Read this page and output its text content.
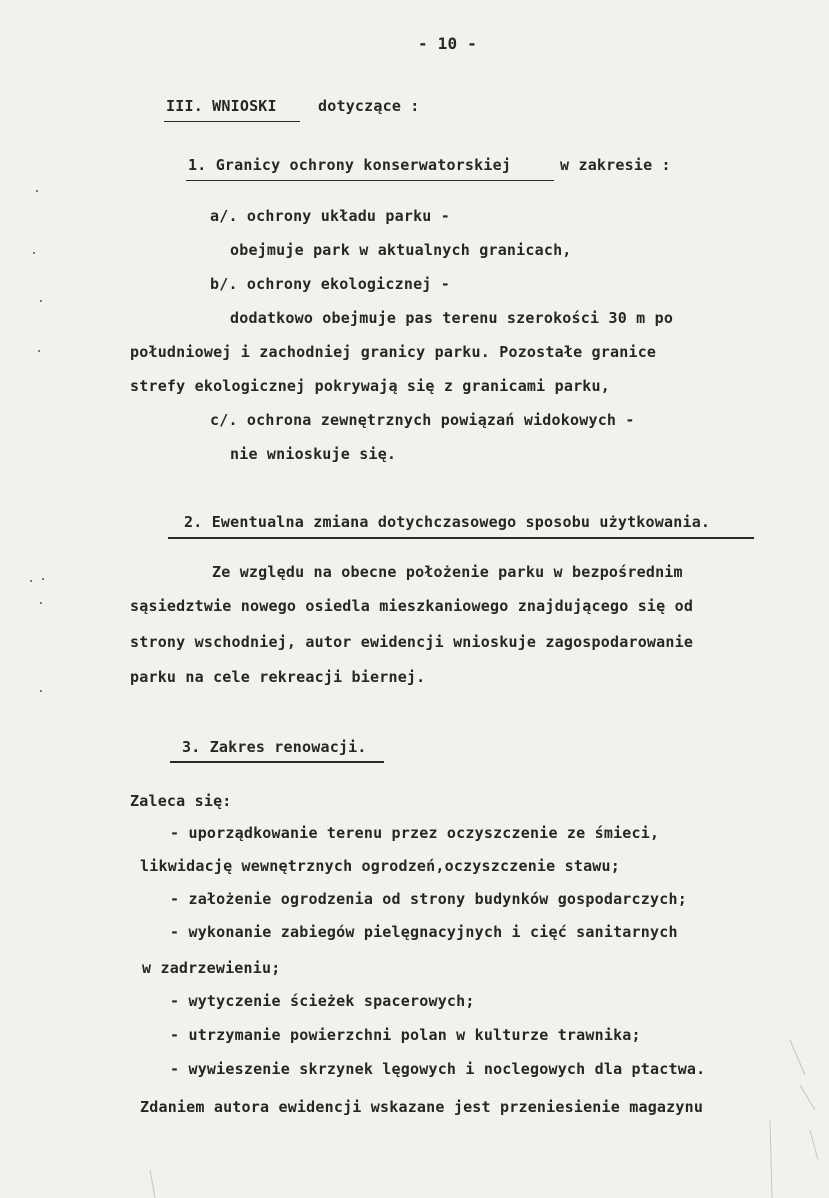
- 10 -
III. WNIOSKI	dotyczące :
1. Granicy ochrony konserwatorskiej	w zakresie :
a/. ochrony układu parku -
obejmuje park w aktualnych granicach,
b/. ochrony ekologicznej -
dodatkowo obejmuje pas terenu szerokości 30 m po
południowej i zachodniej granicy parku. Pozostałe granice
strefy ekologicznej pokrywają się z granicami parku,
c/. ochrona zewnętrznych powiązań widokowych -
nie wnioskuje się.
2. Ewentualna zmiana dotychczasowego sposobu użytkowania.
Ze względu na obecne położenie parku w bezpośrednim
sąsiedztwie nowego osiedla mieszkaniowego znajdującego się od
strony wschodniej, autor ewidencji wnioskuje zagospodarowanie
parku na cele rekreacji biernej.
3. Zakres renowacji.
Zaleca się:
- uporządkowanie terenu przez oczyszczenie ze śmieci,
likwidację wewnętrznych ogrodzeń,oczyszczenie stawu;
- założenie ogrodzenia od strony budynków gospodarczych;
- wykonanie zabiegów pielęgnacyjnych i cięć sanitarnych
w zadrzewieniu;
- wytyczenie ścieżek spacerowych;
- utrzymanie powierzchni polan w kulturze trawnika;
- wywieszenie skrzynek lęgowych i noclegowych dla ptactwa.
Zdaniem autora ewidencji wskazane jest przeniesienie magazynu
